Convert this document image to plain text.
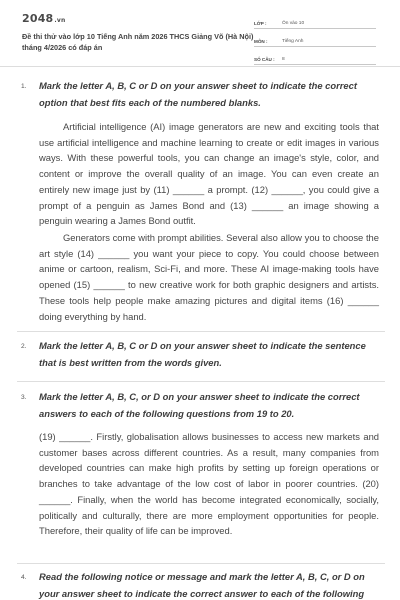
2048.vn
Đề thi thử vào lớp 10 Tiếng Anh năm 2026 THCS Giảng Võ (Hà Nội) tháng 4/2026 có đáp án
LỚP :	Ôn vào 10
MÔN :	Tiếng Anh
SỐ CÂU :	8
1. Mark the letter A, B, C or D on your answer sheet to indicate the correct option that best fits each of the numbered blanks.

Artificial intelligence (AI) image generators are new and exciting tools that use artificial intelligence and machine learning to create or edit images in various ways. With these powerful tools, you can change an image's style, color, and content or improve the overall quality of an image. You can even create an entirely new image just by (11) ______ a prompt. (12) ______, you could give a prompt of a penguin as James Bond and (13) ______ an image showing a penguin wearing a James Bond outfit.

Generators come with prompt abilities. Several also allow you to choose the art style (14) ______ you want your piece to copy. You could choose between anime or cartoon, realism, Sci-Fi, and more. These AI image-making tools have opened (15) ______ to new creative work for both graphic designers and artists. These tools help people make amazing pictures and digital items (16) ______ doing everything by hand.

2. Mark the letter A, B, C or D on your answer sheet to indicate the sentence that is best written from the words given.
3. Mark the letter A, B, C, or D on your answer sheet to indicate the correct answers to each of the following questions from 19 to 20.

(19) ______. Firstly, globalisation allows businesses to access new markets and customer bases across different countries. As a result, many companies from developed countries can make high profits by setting up foreign operations or branches to take advantage of the low cost of labor in poorer countries. (20) ______. Finally, when the world has become integrated economically, socially, politically and culturally, there are more employment opportunities for people. Therefore, their quality of life can be improved.

4. Read the following notice or message and mark the letter A, B, C, or D on your answer sheet to indicate the correct answer to each of the following
